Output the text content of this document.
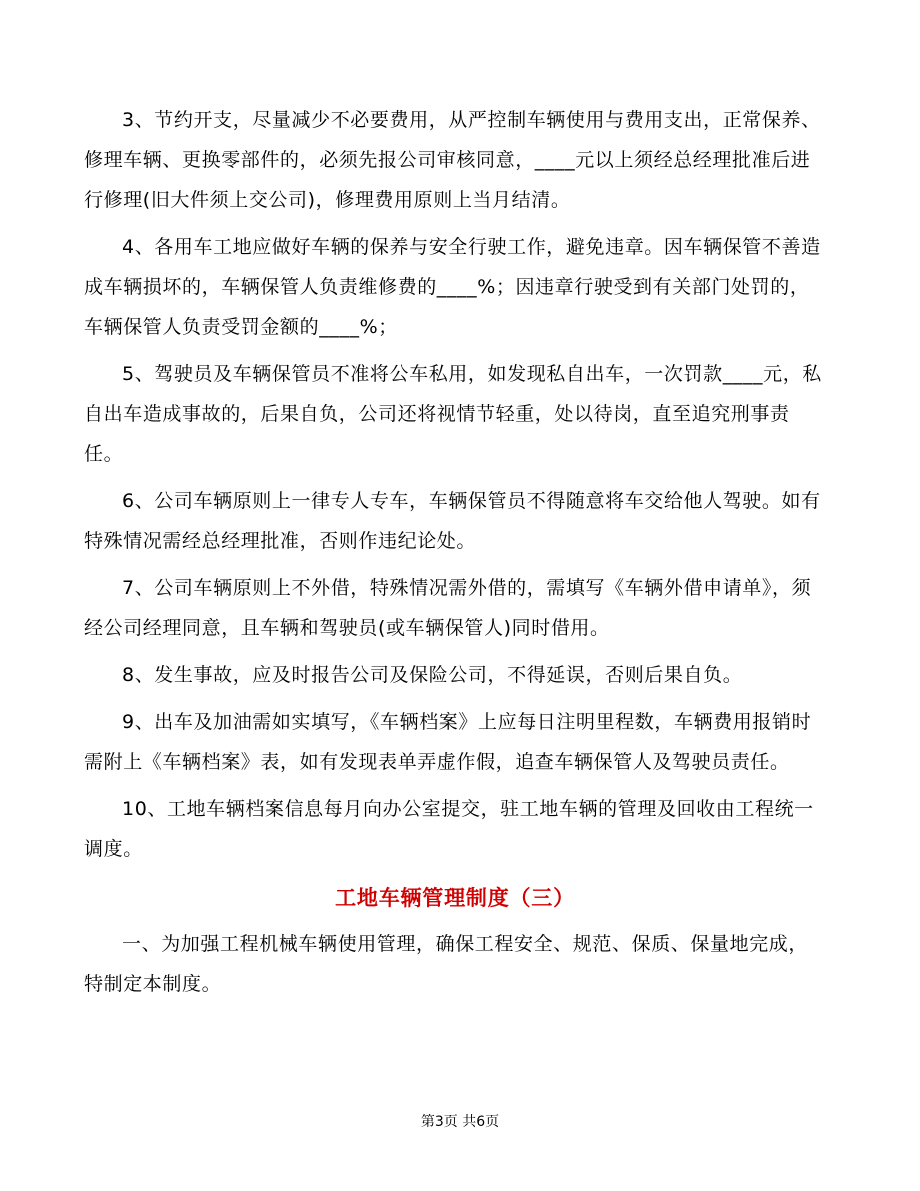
3、节约开支，尽量减少不必要费用，从严控制车辆使用与费用支出，正常保养、修理车辆、更换零部件的，必须先报公司审核同意，____元以上须经总经理批准后进行修理(旧大件须上交公司)，修理费用原则上当月结清。

4、各用车工地应做好车辆的保养与安全行驶工作，避免违章。因车辆保管不善造成车辆损坏的，车辆保管人负责维修费的____%；因违章行驶受到有关部门处罚的，车辆保管人负责受罚金额的____%；

5、驾驶员及车辆保管员不准将公车私用，如发现私自出车，一次罚款____元，私自出车造成事故的，后果自负，公司还将视情节轻重，处以待岗，直至追究刑事责任。

6、公司车辆原则上一律专人专车，车辆保管员不得随意将车交给他人驾驶。如有特殊情况需经总经理批准，否则作违纪论处。

7、公司车辆原则上不外借，特殊情况需外借的，需填写《车辆外借申请单》，须经公司经理同意，且车辆和驾驶员(或车辆保管人)同时借用。

8、发生事故，应及时报告公司及保险公司，不得延误，否则后果自负。

9、出车及加油需如实填写，《车辆档案》上应每日注明里程数，车辆费用报销时需附上《车辆档案》表，如有发现表单弄虚作假，追查车辆保管人及驾驶员责任。

10、工地车辆档案信息每月向办公室提交，驻工地车辆的管理及回收由工程统一调度。

工地车辆管理制度（三）

一、为加强工程机械车辆使用管理，确保工程安全、规范、保质、保量地完成，特制定本制度。

第3页 共6页
